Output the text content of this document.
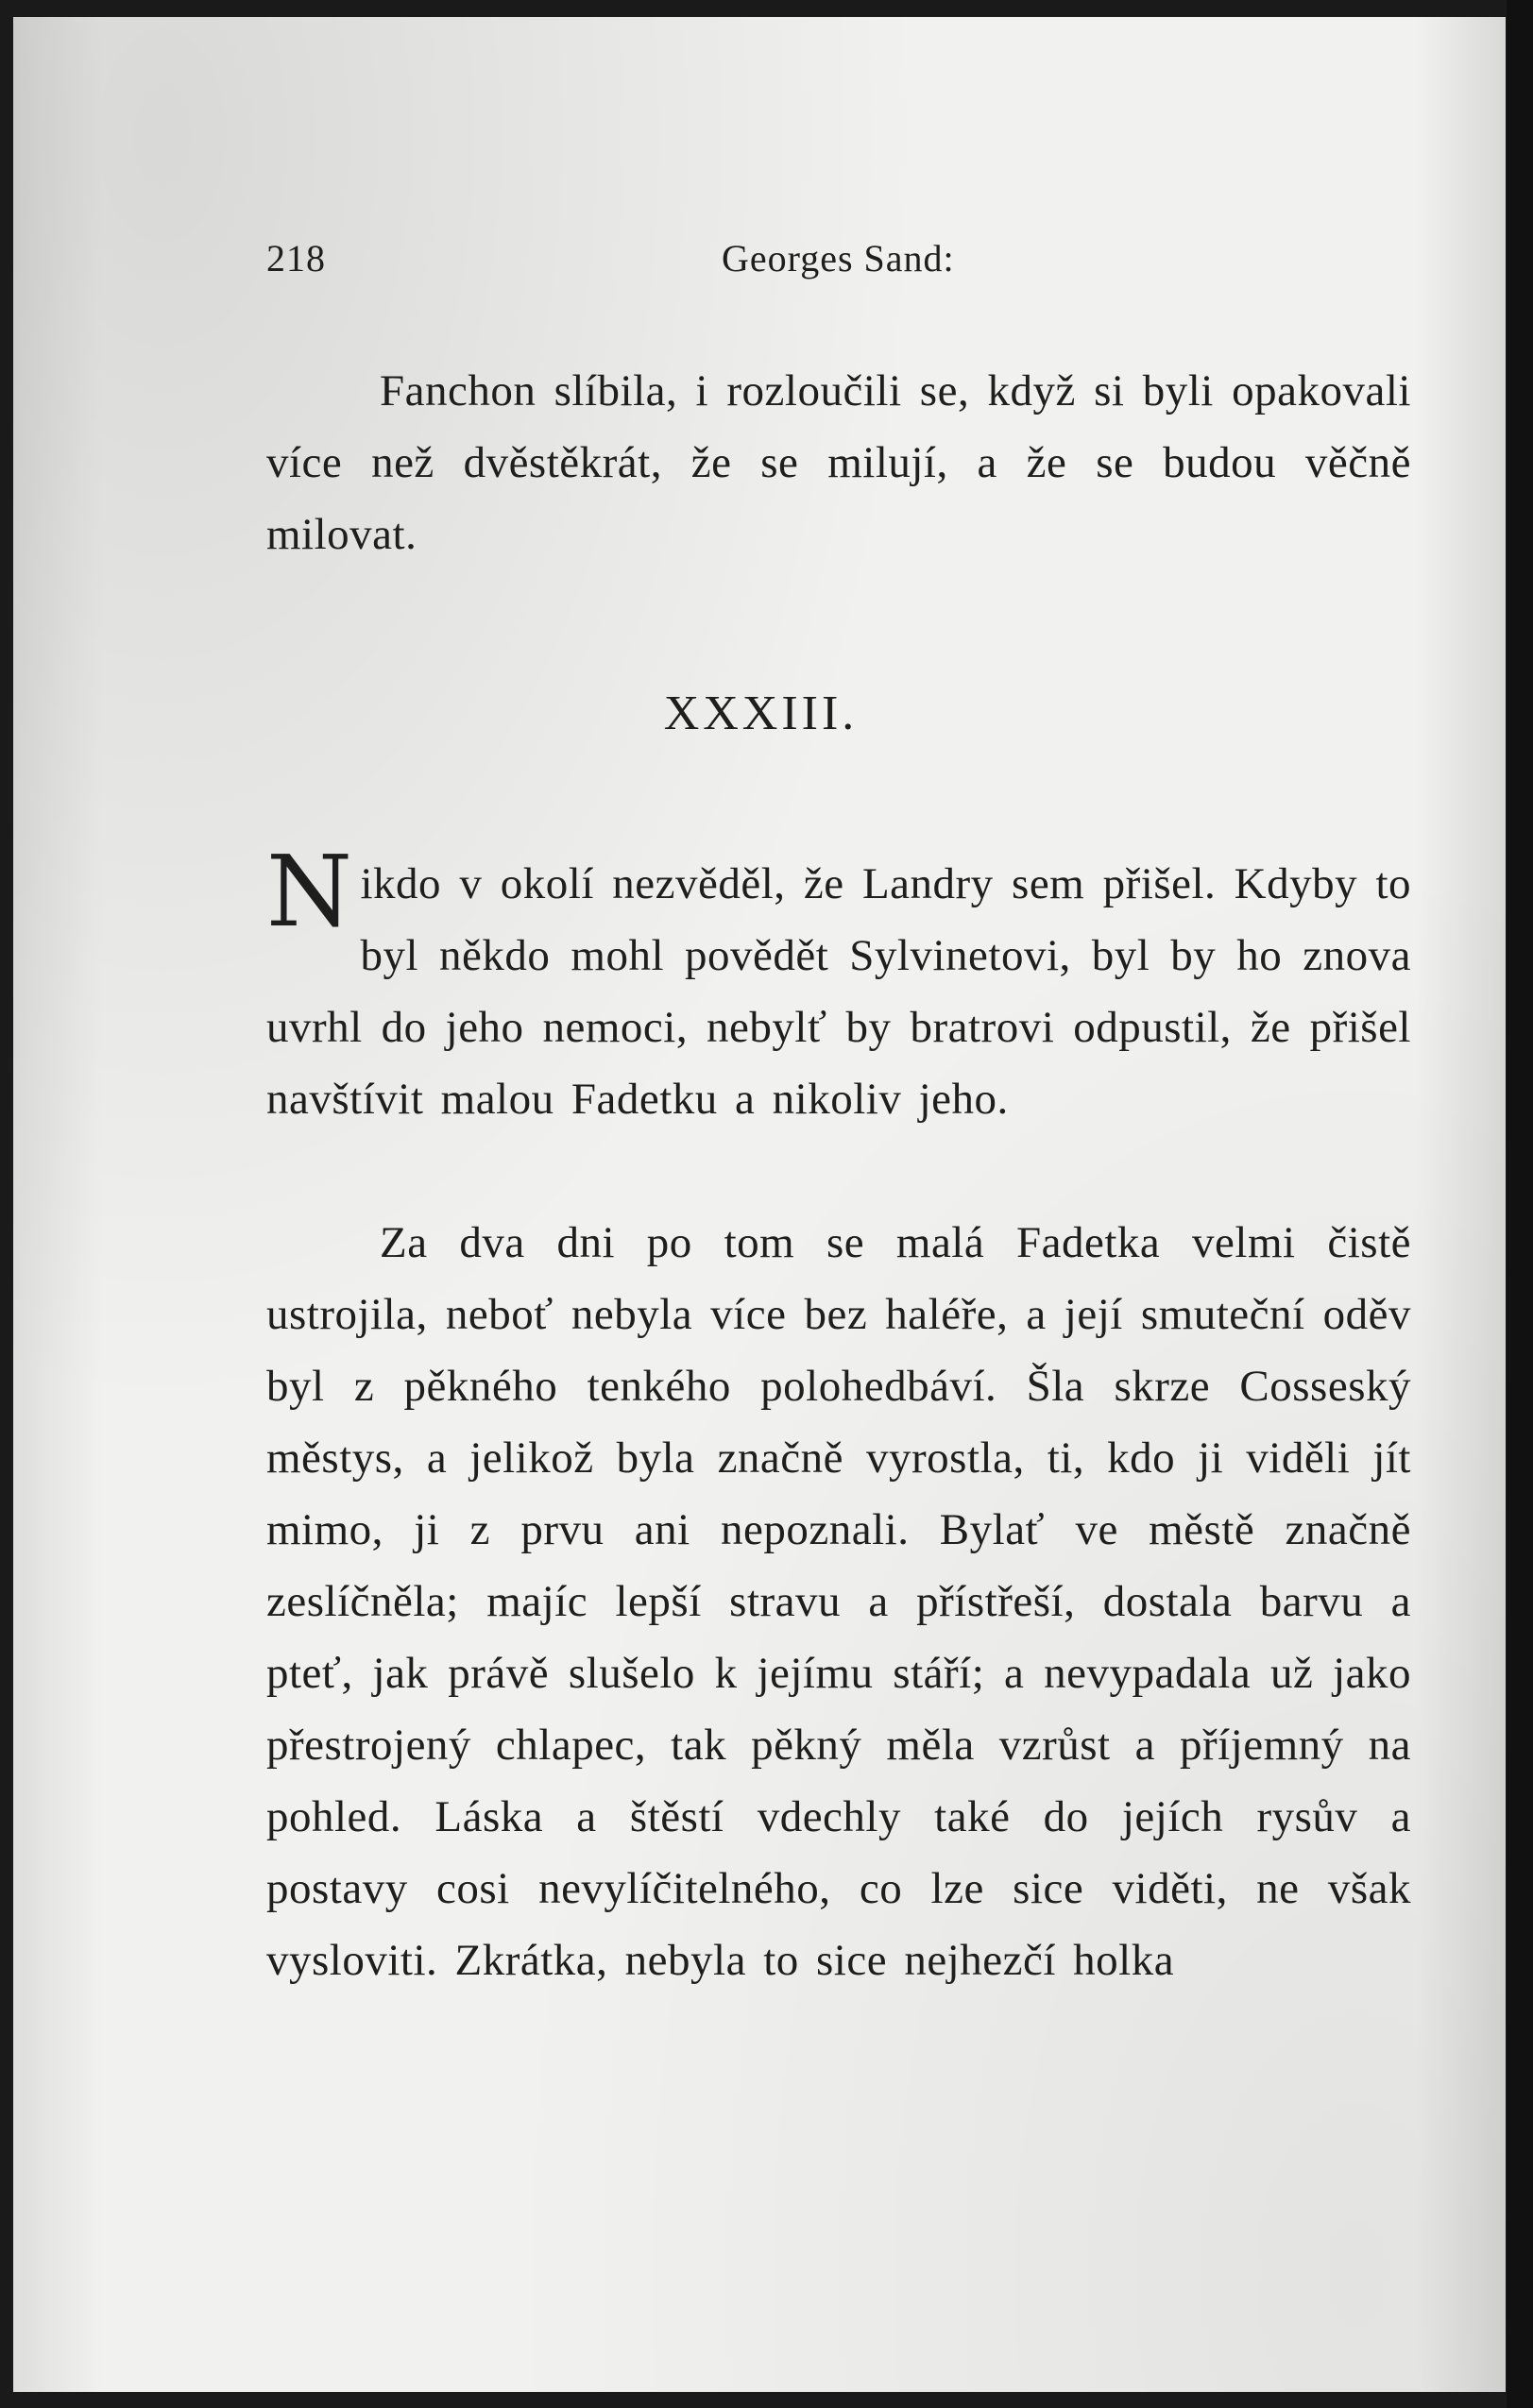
218	Georges Sand:

Fanchon slíbila, i rozloučili se, když si byli opakovali více než dvěstěkrát, že se milují, a že se budou věčně milovat.

XXXIII.

Nikdo v okolí nezvěděl, že Landry sem přišel. Kdyby to byl někdo mohl povědět Sylvinetovi, byl by ho znova uvrhl do jeho nemoci, nebylť by bratrovi odpustil, že přišel navštívit malou Fadetku a nikoliv jeho.

Za dva dni po tom se malá Fadetka velmi čistě ustrojila, neboť nebyla více bez haléře, a její smuteční oděv byl z pěkného tenkého polohedbáví. Šla skrze Cosseský městys, a jelikož byla značně vyrostla, ti, kdo ji viděli jít mimo, ji z prvu ani nepoznali. Bylať ve městě značně zeslíčněla; majíc lepší stravu a přístřeší, dostala barvu a pteť, jak právě slušelo k jejímu stáří; a nevypadala už jako přestrojený chlapec, tak pěkný měla vzrůst a příjemný na pohled. Láska a štěstí vdechly také do jejích rysův a postavy cosi nevylíčitelného, co lze sice viděti, ne však vysloviti. Zkrátka, nebyla to sice nejhezčí holka
